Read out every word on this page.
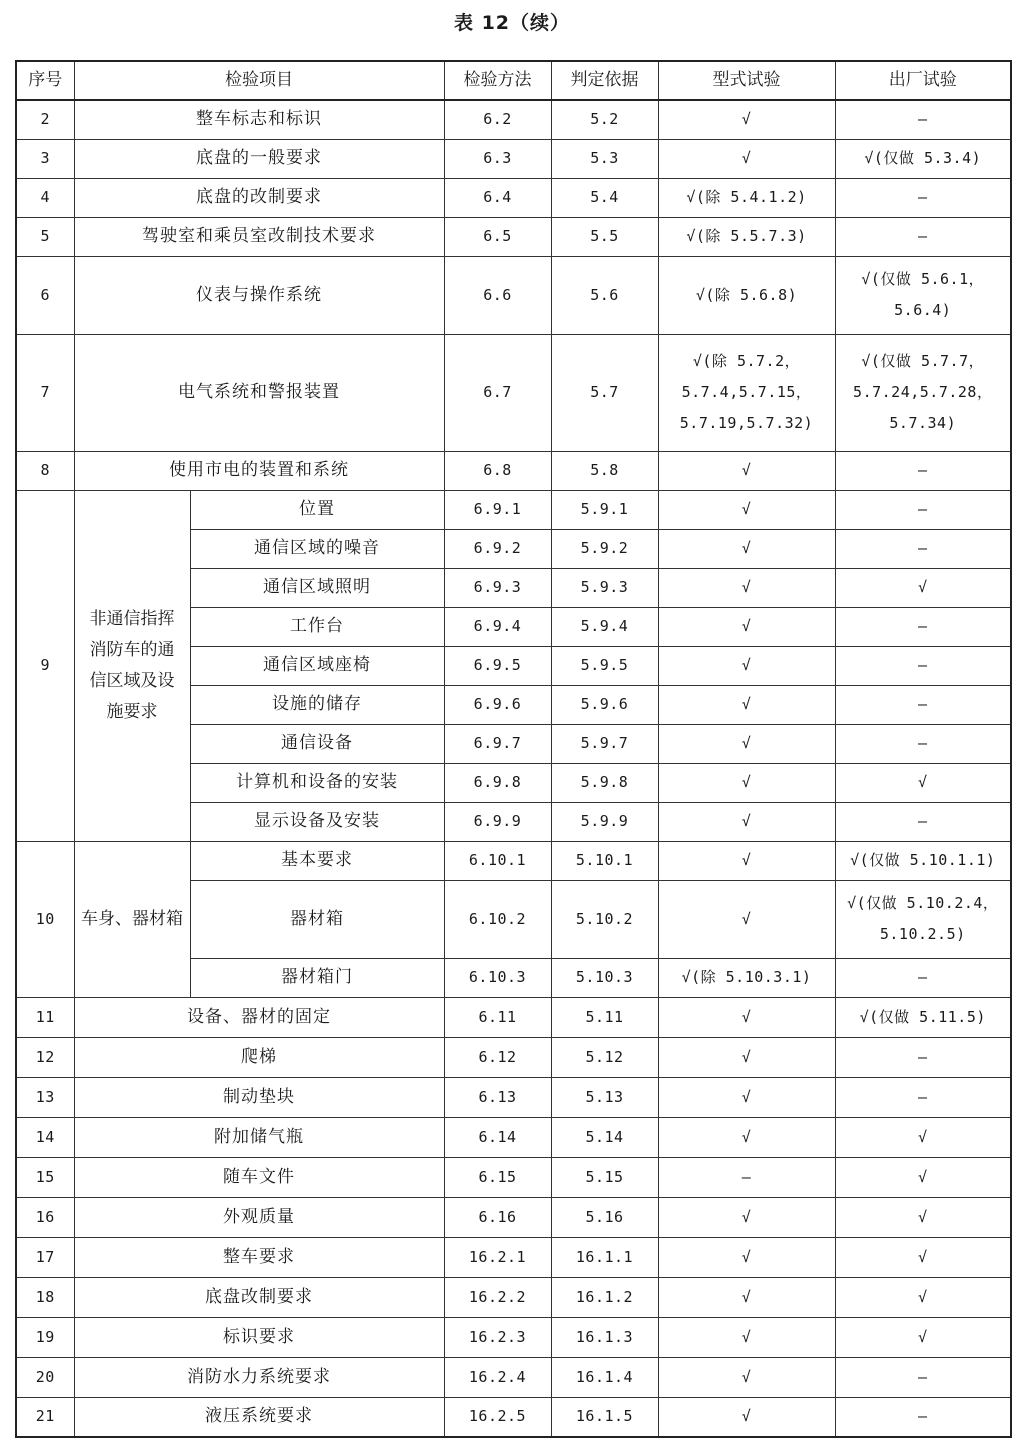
表 12（续）
序号	检验项目		检验方法	判定依据	型式试验	出厂试验
2	整车标志和标识		6.2	5.2	√	—
3	底盘的一般要求		6.3	5.3	√	√(仅做 5.3.4)
4	底盘的改制要求		6.4	5.4	√(除 5.4.1.2)	—
5	驾驶室和乘员室改制技术要求		6.5	5.5	√(除 5.5.7.3)	—
6	仪表与操作系统		6.6	5.6	√(除 5.6.8)	√(仅做 5.6.1，
5.6.4)
7	电气系统和警报装置		6.7	5.7	√(除 5.7.2，
5.7.4,5.7.15，
5.7.19,5.7.32)	√(仅做 5.7.7，
5.7.24,5.7.28，
5.7.34)
8	使用市电的装置和系统		6.8	5.8	√	—
9	非通信指挥
消防车的通
信区域及设
施要求	位置	6.9.1	5.9.1	√	—
		通信区域的噪音	6.9.2	5.9.2	√	—
		通信区域照明	6.9.3	5.9.3	√	√
		工作台	6.9.4	5.9.4	√	—
		通信区域座椅	6.9.5	5.9.5	√	—
		设施的储存	6.9.6	5.9.6	√	—
		通信设备	6.9.7	5.9.7	√	—
		计算机和设备的安装	6.9.8	5.9.8	√	√
		显示设备及安装	6.9.9	5.9.9	√	—
10	车身、器材箱	基本要求	6.10.1	5.10.1	√	√(仅做 5.10.1.1)
		器材箱	6.10.2	5.10.2	√	√(仅做 5.10.2.4，
5.10.2.5)
		器材箱门	6.10.3	5.10.3	√(除 5.10.3.1)	—
11	设备、器材的固定		6.11	5.11	√	√(仅做 5.11.5)
12	爬梯		6.12	5.12	√	—
13	制动垫块		6.13	5.13	√	—
14	附加储气瓶		6.14	5.14	√	√
15	随车文件		6.15	5.15	—	√
16	外观质量		6.16	5.16	√	√
17	整车要求		16.2.1	16.1.1	√	√
18	底盘改制要求		16.2.2	16.1.2	√	√
19	标识要求		16.2.3	16.1.3	√	√
20	消防水力系统要求		16.2.4	16.1.4	√	—
21	液压系统要求		16.2.5	16.1.5	√	—
